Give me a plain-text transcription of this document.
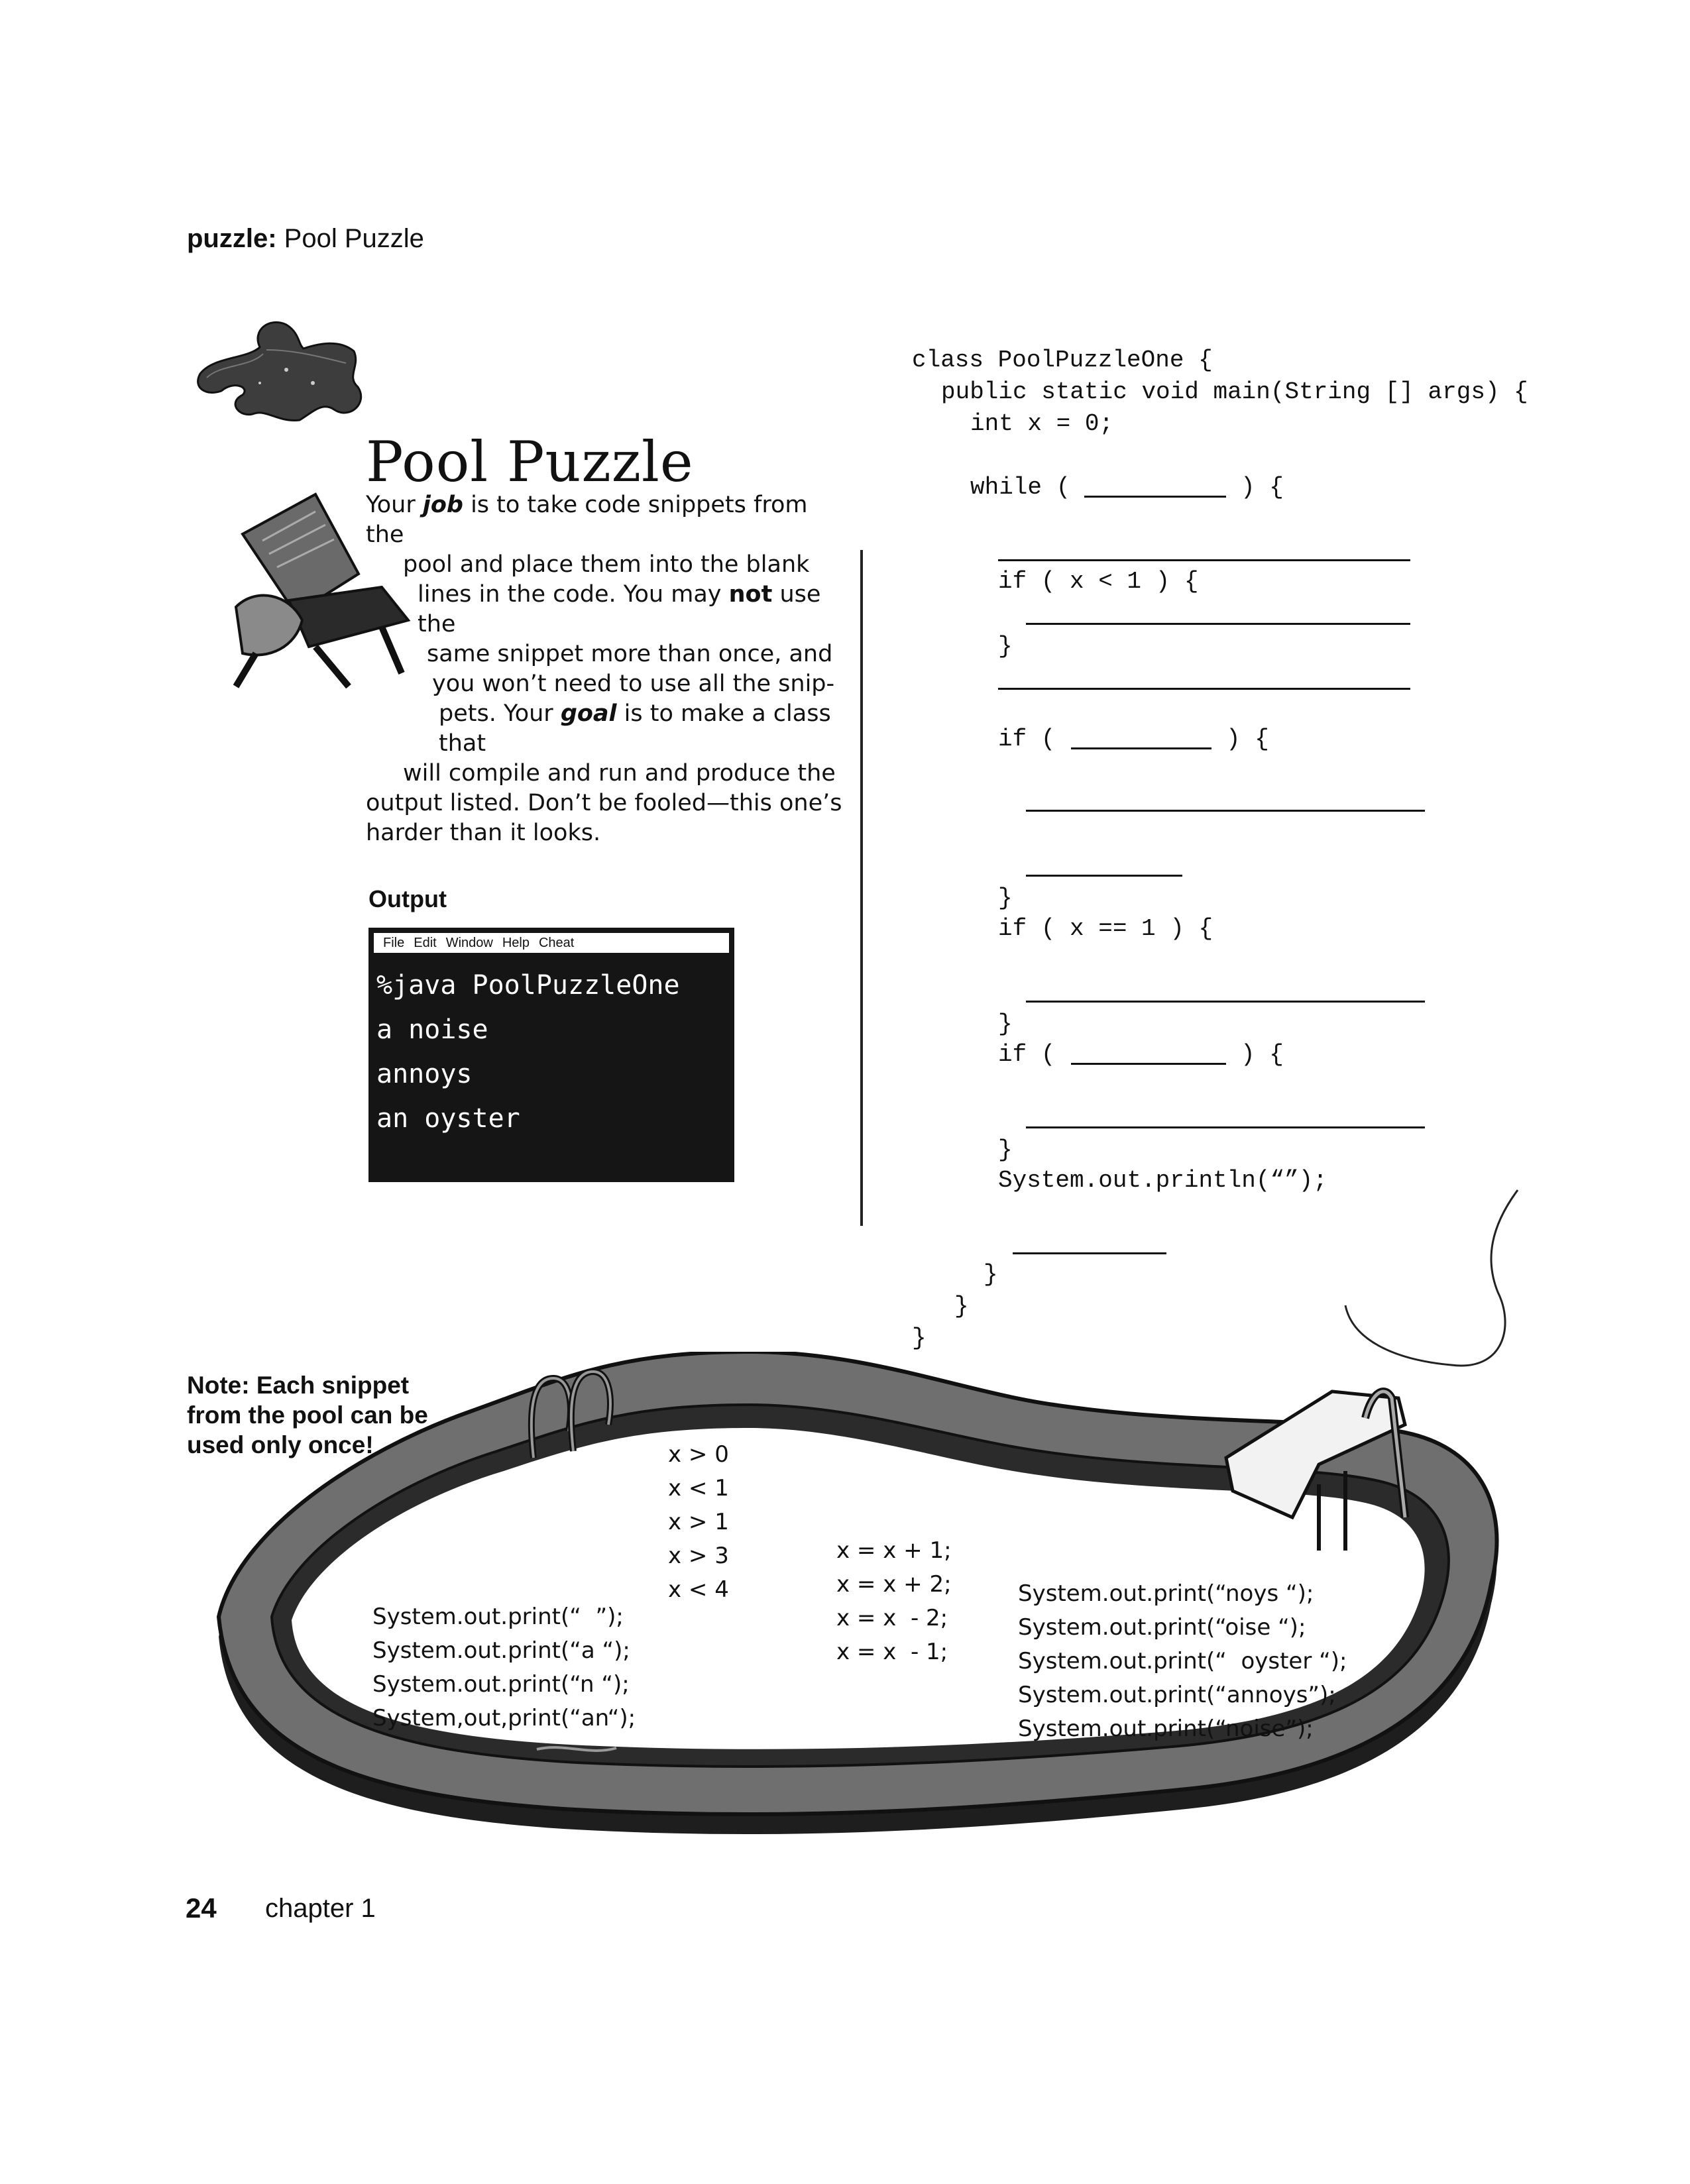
puzzle: Pool Puzzle
Pool Puzzle

Your job is to take code snippets from the

pool and place them into the blank

lines in the code. You may not use the

same snippet more than once, and

you won’t need to use all the snip-

pets. Your goal is to make a class that

will compile and run and produce the

output listed. Don’t be fooled—this one’s

harder than it looks.

Output
File Edit Window Help Cheat
%java PoolPuzzleOne
a noise
annoys
an oyster
class PoolPuzzleOne {
public static void main(String [] args) {
int x = 0;
while (	) {
if ( x < 1 ) {
}
if (	) {
}
if ( x == 1 ) {
}
if (	) {
}
System.out.println(“”);
}
}
}
Note: Each snippet
from the pool can be
used only once!	x > 0
x < 1
x > 1
x > 3
x < 4
x = x + 1;
x = x + 2;
x = x  - 2;
x = x  - 1;
System.out.print(“  ”);
System.out.print(“a “);
System.out.print(“n “);
System,out,print(“an“);
System.out.print(“noys “);
System.out.print(“oise “);
System.out.print(“  oyster “);
System.out.print(“annoys”);
System.out.print(“noise”);
24 chapter 1
